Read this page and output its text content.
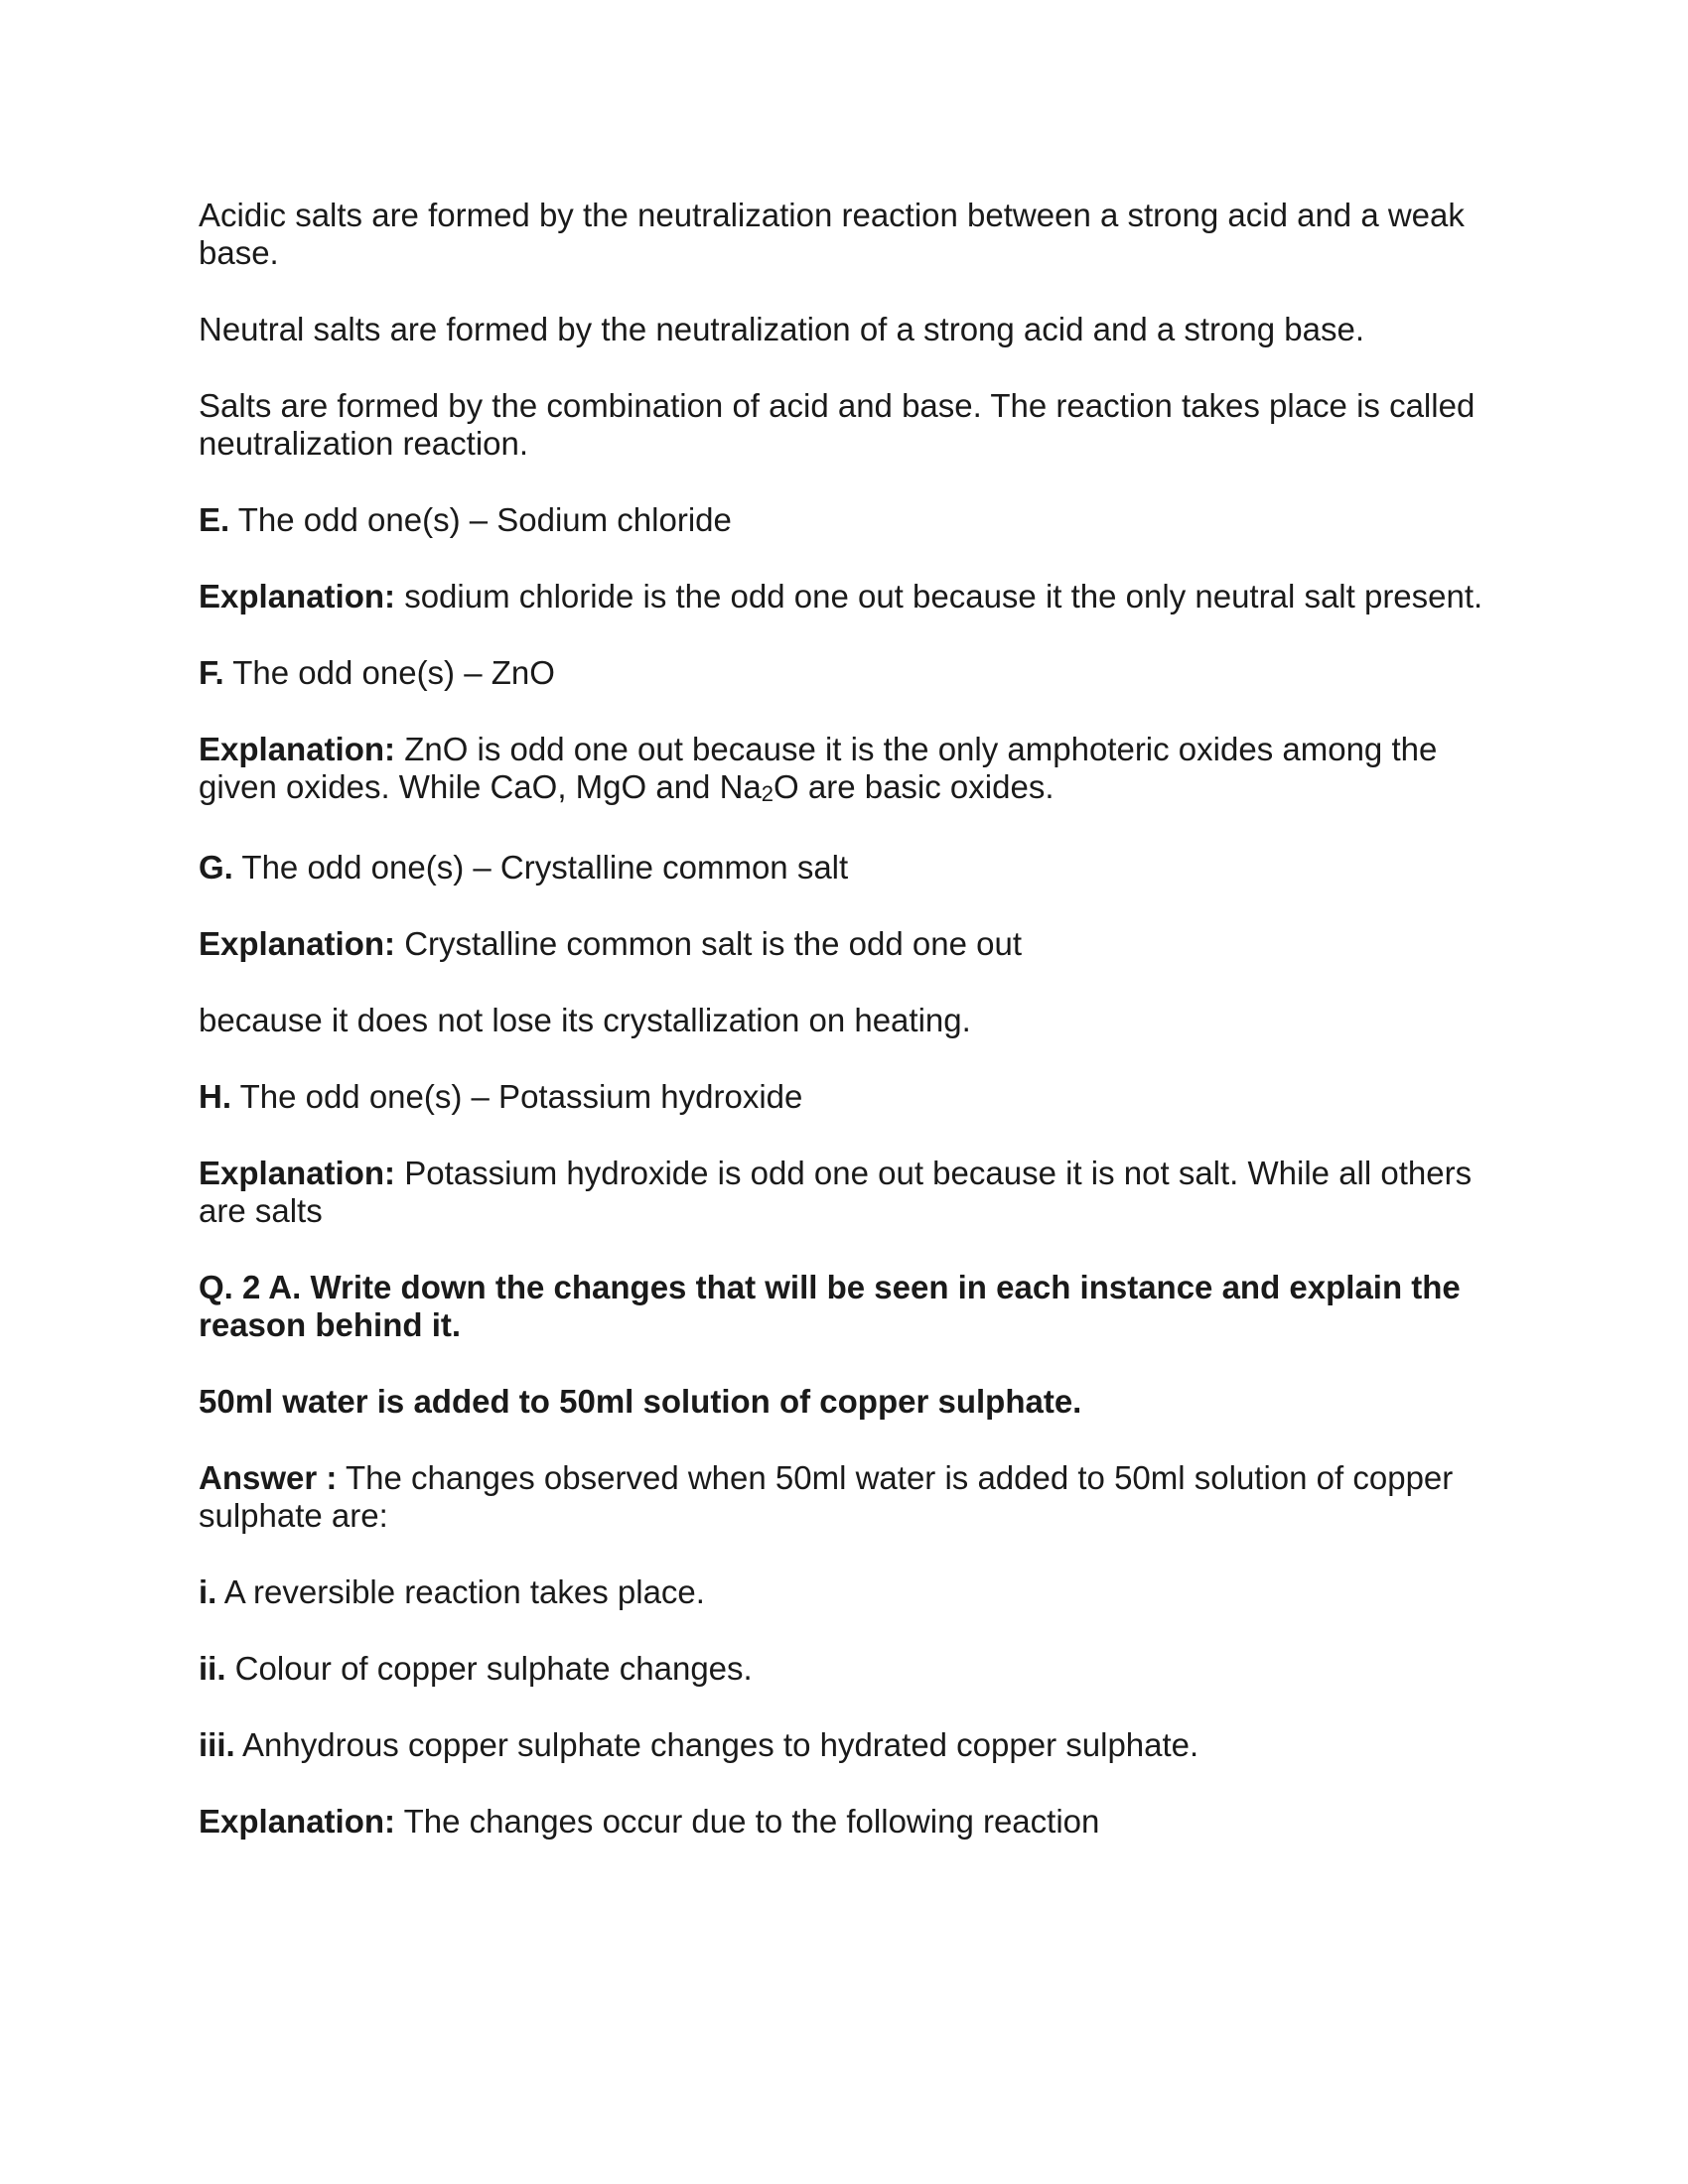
Acidic salts are formed by the neutralization reaction between a strong acid and a weak base.

Neutral salts are formed by the neutralization of a strong acid and a strong base.

Salts are formed by the combination of acid and base. The reaction takes place is called neutralization reaction.

E. The odd one(s) – Sodium chloride

Explanation: sodium chloride is the odd one out because it the only neutral salt present.

F. The odd one(s) – ZnO

Explanation: ZnO is odd one out because it is the only amphoteric oxides among the given oxides. While CaO, MgO and $Na_2O$ are basic oxides.

G. The odd one(s) – Crystalline common salt

Explanation: Crystalline common salt is the odd one out

because it does not lose its crystallization on heating.

H. The odd one(s) – Potassium hydroxide

Explanation: Potassium hydroxide is odd one out because it is not salt. While all others are salts

Q. 2 A. Write down the changes that will be seen in each instance and explain the reason behind it.

50ml water is added to 50ml solution of copper sulphate.

Answer : The changes observed when 50ml water is added to 50ml solution of copper sulphate are:

i. A reversible reaction takes place.

ii. Colour of copper sulphate changes.

iii. Anhydrous copper sulphate changes to hydrated copper sulphate.

Explanation: The changes occur due to the following reaction
